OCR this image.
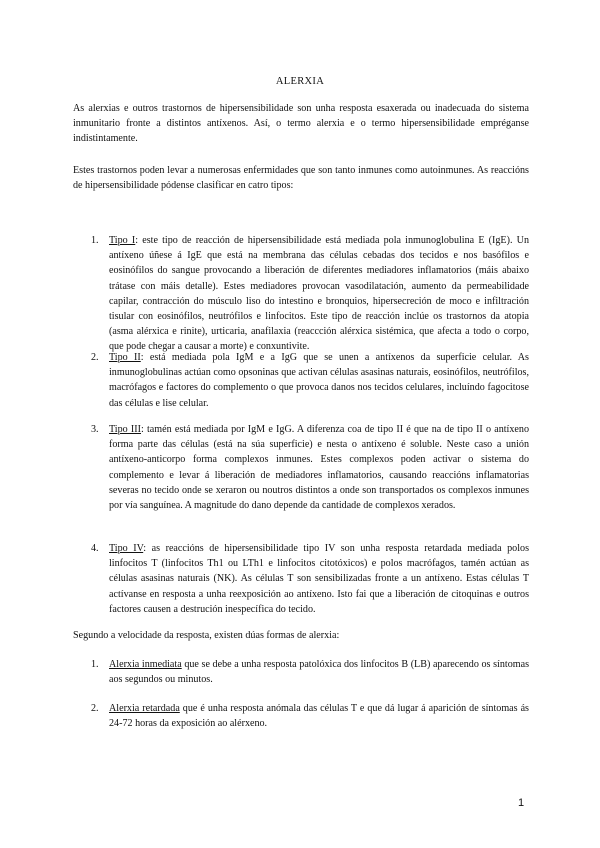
ALERXIA
As alerxias e outros trastornos de hipersensibilidade son unha resposta esaxerada ou inadecuada do sistema inmunitario fronte a distintos antíxenos. Así, o termo alerxia e o termo hipersensibilidade empréganse indistintamente.
Estes trastornos poden levar a numerosas enfermidades que son tanto inmunes como autoinmunes. As reaccións de hipersensibilidade pódense clasificar en catro tipos:
1. Tipo I: este tipo de reacción de hipersensibilidade está mediada pola inmunoglobulina E (IgE). Un antíxeno úñese á IgE que está na membrana das células cebadas dos tecidos e nos basófilos e eosinófilos do sangue provocando a liberación de diferentes mediadores inflamatorios (máis abaixo trátase con máis detalle). Estes mediadores provocan vasodilatación, aumento da permeabilidade capilar, contracción do músculo liso do intestino e bronquios, hipersecreción de moco e infiltración tisular con eosinófilos, neutrófilos e linfocitos. Este tipo de reacción inclúe os trastornos da atopia (asma alérxica e rinite), urticaria, anafilaxia (reaccción alérxica sistémica, que afecta a todo o corpo, que pode chegar a causar a morte) e conxuntivite.
2. Tipo II: está mediada pola IgM e a IgG que se unen a antíxenos da superficie celular. As inmunoglobulinas actúan como opsoninas que activan células asasinas naturais, eosinófilos, neutrófilos, macrófagos e factores do complemento o que provoca danos nos tecidos celulares, incluíndo fagocitose das células e lise celular.
3. Tipo III: tamén está mediada por IgM e IgG. A diferenza coa de tipo II é que na de tipo II o antíxeno forma parte das células (está na súa superficie) e nesta o antíxeno é soluble. Neste caso a unión antíxeno-anticorpo forma complexos inmunes. Estes complexos poden activar o sistema do complemento e levar á liberación de mediadores inflamatorios, causando reaccións inflamatorias severas no tecido onde se xeraron ou noutros distintos a onde son transportados os complexos inmunes por vía sanguínea. A magnitude do dano depende da cantidade de complexos xerados.
4. Tipo IV: as reaccións de hipersensibilidade tipo IV son unha resposta retardada mediada polos linfocitos T (linfocitos Th1 ou LTh1 e linfocitos citotóxicos) e polos macrófagos, tamén actúan as células asasinas naturais (NK). As células T son sensibilizadas fronte a un antíxeno. Estas células T actívanse en resposta a unha reexposición ao antíxeno. Isto fai que a liberación de citoquinas e outros factores causen a destrución inespecífica do tecido.
Segundo a velocidade da resposta, existen dúas formas de alerxia:
1. Alerxia inmediata que se debe a unha resposta patolóxica dos linfocitos B (LB) aparecendo os síntomas aos segundos ou minutos.
2. Alerxia retardada que é unha resposta anómala das células T e que dá lugar á aparición de síntomas ás 24-72 horas da exposición ao alérxeno.
1
